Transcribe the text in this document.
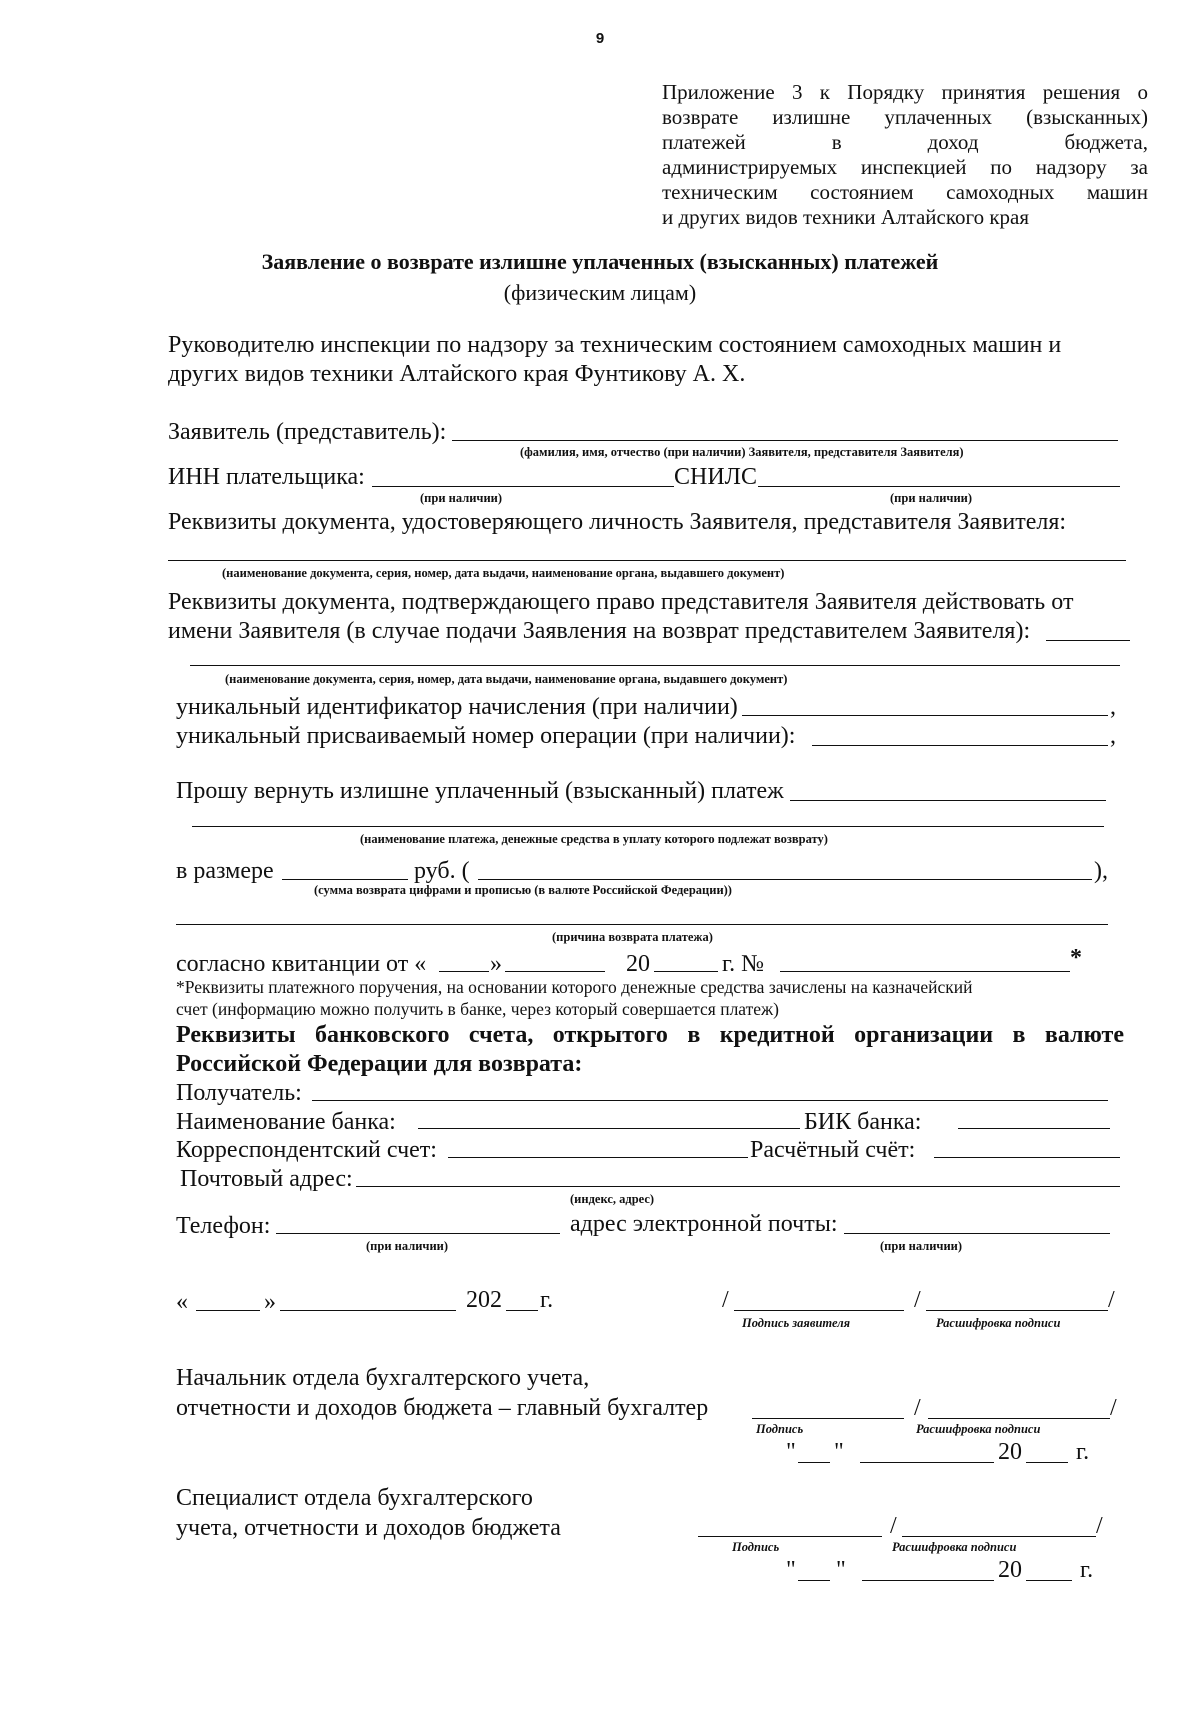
9
Приложение 3 к Порядку принятия решения о
возврате излишне уплаченных (взысканных)
платежей в доход бюджета,
администрируемых инспекцией по надзору за
техническим состоянием самоходных машин
и других видов техники Алтайского края
Заявление о возврате излишне уплаченных (взысканных) платежей
(физическим лицам)
Руководителю инспекции по надзору за техническим состоянием самоходных машин и
других видов техники Алтайского края Фунтикову А. Х.
Заявитель (представитель):
(фамилия, имя, отчество (при наличии) Заявителя, представителя Заявителя)
ИНН плательщика:	СНИЛС
(при наличии)	(при наличии)
Реквизиты документа, удостоверяющего личность Заявителя, представителя Заявителя:
(наименование документа, серия, номер, дата выдачи, наименование органа, выдавшего документ)
Реквизиты документа, подтверждающего право представителя Заявителя действовать от
имени Заявителя (в случае подачи Заявления на возврат представителем Заявителя):
(наименование документа, серия, номер, дата выдачи, наименование органа, выдавшего документ)
уникальный идентификатор начисления (при наличии)	,
уникальный присваиваемый номер операции (при наличии):	,
Прошу вернуть излишне уплаченный (взысканный) платеж
(наименование платежа, денежные средства в уплату которого подлежат возврату)
в размере	руб. (	),
(сумма возврата цифрами и прописью (в валюте Российской Федерации))
(причина возврата платежа)
согласно квитанции от «	»	20	г. №	*
*Реквизиты платежного поручения, на основании которого денежные средства зачислены на казначейский
счет (информацию можно получить в банке, через который совершается платеж)
Реквизиты банковского счета, открытого в кредитной организации в валюте
Российской Федерации для возврата:
Получатель:
Наименование банка:	БИК банка:
Корреспондентский счет:	Расчётный счёт:
Почтовый адрес:
(индекс, адрес)
Телефон:	адрес электронной почты:
(при наличии)	(при наличии)
«	»	202 г.	/	/	/
Подпись заявителя	Расшифровка подписи
Начальник отдела бухгалтерского учета,
отчетности и доходов бюджета – главный бухгалтер	/	/
Подпись	Расшифровка подписи
" "	20 г.
Специалист отдела бухгалтерского
учета, отчетности и доходов бюджета	/	/
Подпись	Расшифровка подписи
" "	20 г.
